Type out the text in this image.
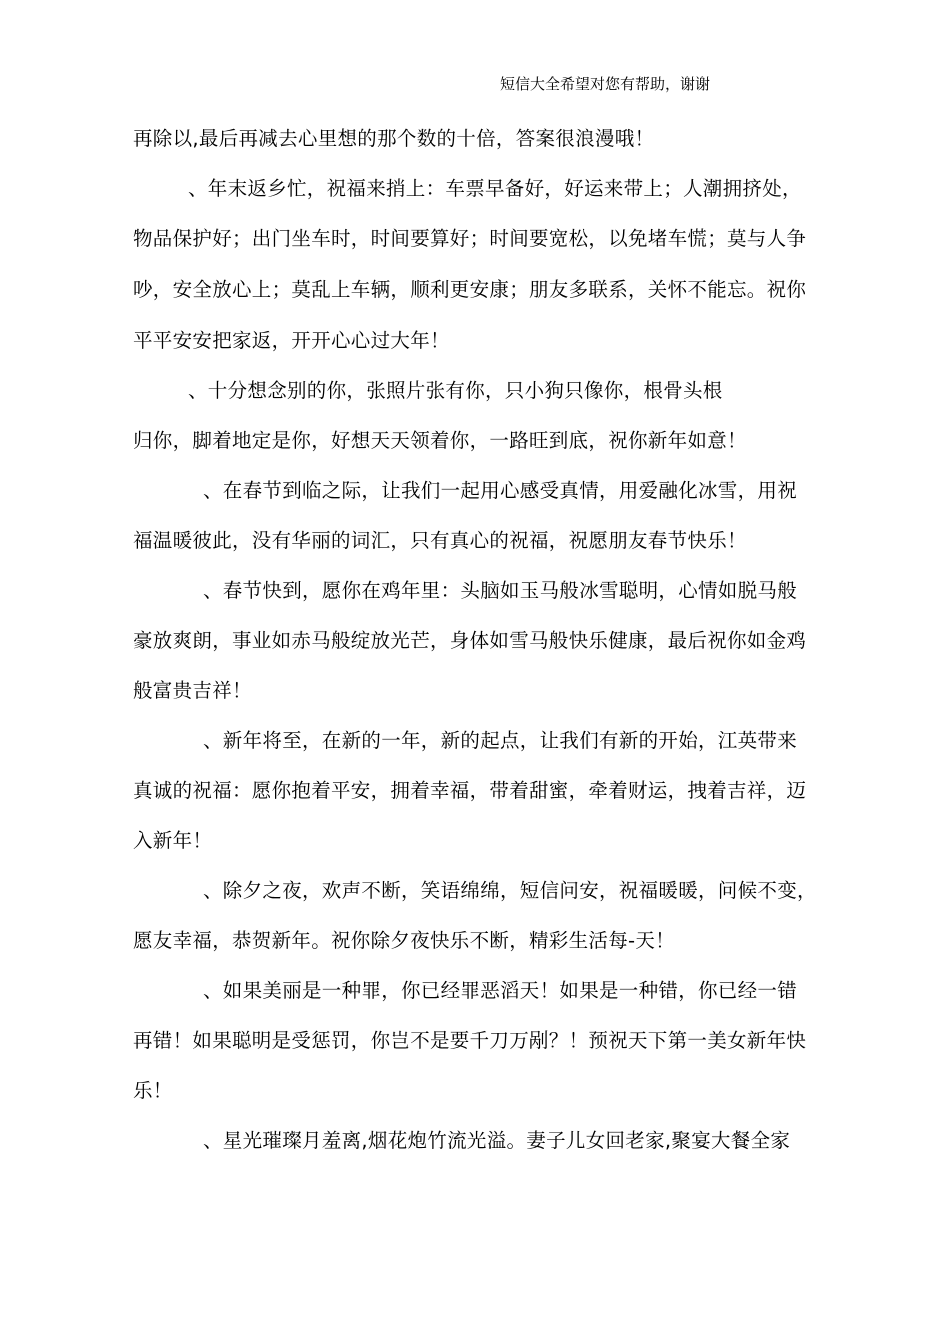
短信大全希望对您有帮助，谢谢
再除以,最后再减去心里想的那个数的十倍，答案很浪漫哦！
、年末返乡忙，祝福来捎上：车票早备好，好运来带上；人潮拥挤处，
物品保护好；出门坐车时，时间要算好；时间要宽松，以免堵车慌；莫与人争
吵，安全放心上；莫乱上车辆，顺利更安康；朋友多联系，关怀不能忘。祝你
平平安安把家返，开开心心过大年！
、十分想念别的你，张照片张有你，只小狗只像你，根骨头根
归你，脚着地定是你，好想天天领着你，一路旺到底，祝你新年如意！
、在春节到临之际，让我们一起用心感受真情，用爱融化冰雪，用祝
福温暖彼此，没有华丽的词汇，只有真心的祝福，祝愿朋友春节快乐！
、春节快到，愿你在鸡年里：头脑如玉马般冰雪聪明，心情如脱马般
豪放爽朗，事业如赤马般绽放光芒，身体如雪马般快乐健康，最后祝你如金鸡
般富贵吉祥！
、新年将至，在新的一年，新的起点，让我们有新的开始，江英带来
真诚的祝福：愿你抱着平安，拥着幸福，带着甜蜜，牵着财运，拽着吉祥，迈
入新年！
、除夕之夜，欢声不断，笑语绵绵，短信问安，祝福暖暖，问候不变，
愿友幸福，恭贺新年。祝你除夕夜快乐不断，精彩生活每-天！
、如果美丽是一种罪，你已经罪恶滔天！如果是一种错，你已经一错
再错！如果聪明是受惩罚，你岂不是要千刀万剐？！预祝天下第一美女新年快
乐！
、星光璀璨月羞离,烟花炮竹流光溢。妻子儿女回老家,聚宴大餐全家
